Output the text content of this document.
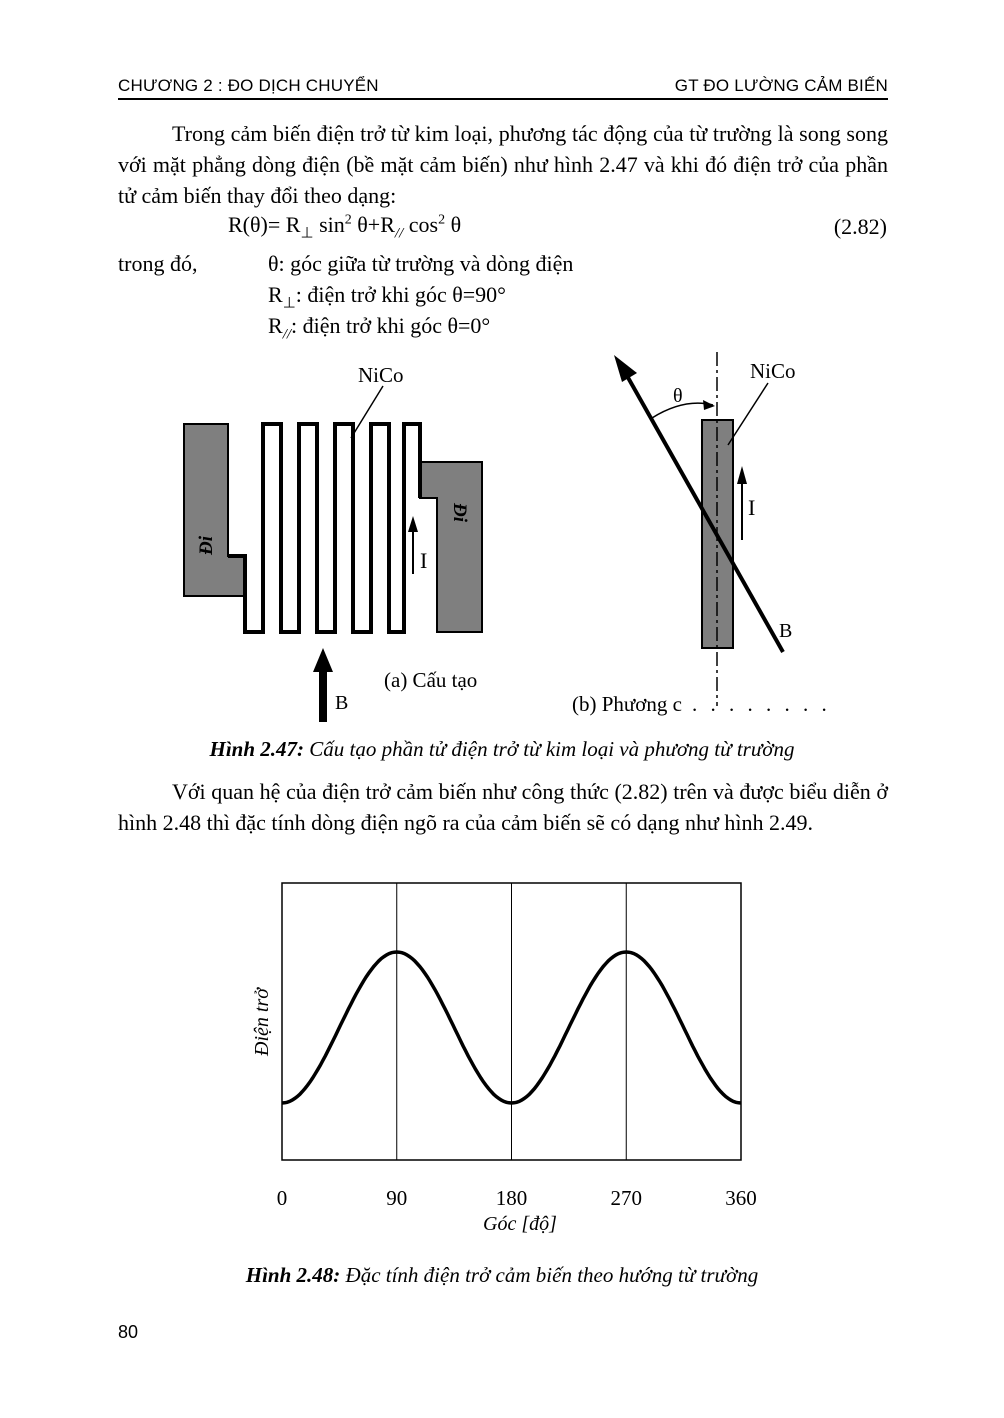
CHƯƠNG 2 : ĐO DỊCH CHUYỂN	GT ĐO LƯỜNG CẢM BIẾN
Trong cảm biến điện trở từ kim loại, phương tác động của từ trường là song song với mặt phẳng dòng điện (bề mặt cảm biến) như hình 2.47 và khi đó điện trở của phần tử cảm biến thay đổi theo dạng:
$R(\theta)= R_\perp$ $\sin^2 \theta+R_{//}$ $\cos^2 \theta$	(2.82)
trong đó,	θ: góc giữa từ trường và dòng điện
$R_\perp$: điện trở khi góc θ=90°
$R_{//}$: điện trở khi góc θ=0°
NiCo
Đi
Đi
I
B
(a) Cấu tạo
θ
NiCo
I
B
(b) Phương c . . . . . . . .
Hình 2.47: Cấu tạo phần tử điện trở từ kim loại và phương từ trường
Với quan hệ của điện trở cảm biến như công thức (2.82) trên và được biểu diễn ở hình 2.48 thì đặc tính dòng điện ngõ ra của cảm biến sẽ có dạng như hình 2.49.
0	90	180	270	360
Góc [độ]
Điện trở
Hình 2.48: Đặc tính điện trở cảm biến theo hướng từ trường
80
